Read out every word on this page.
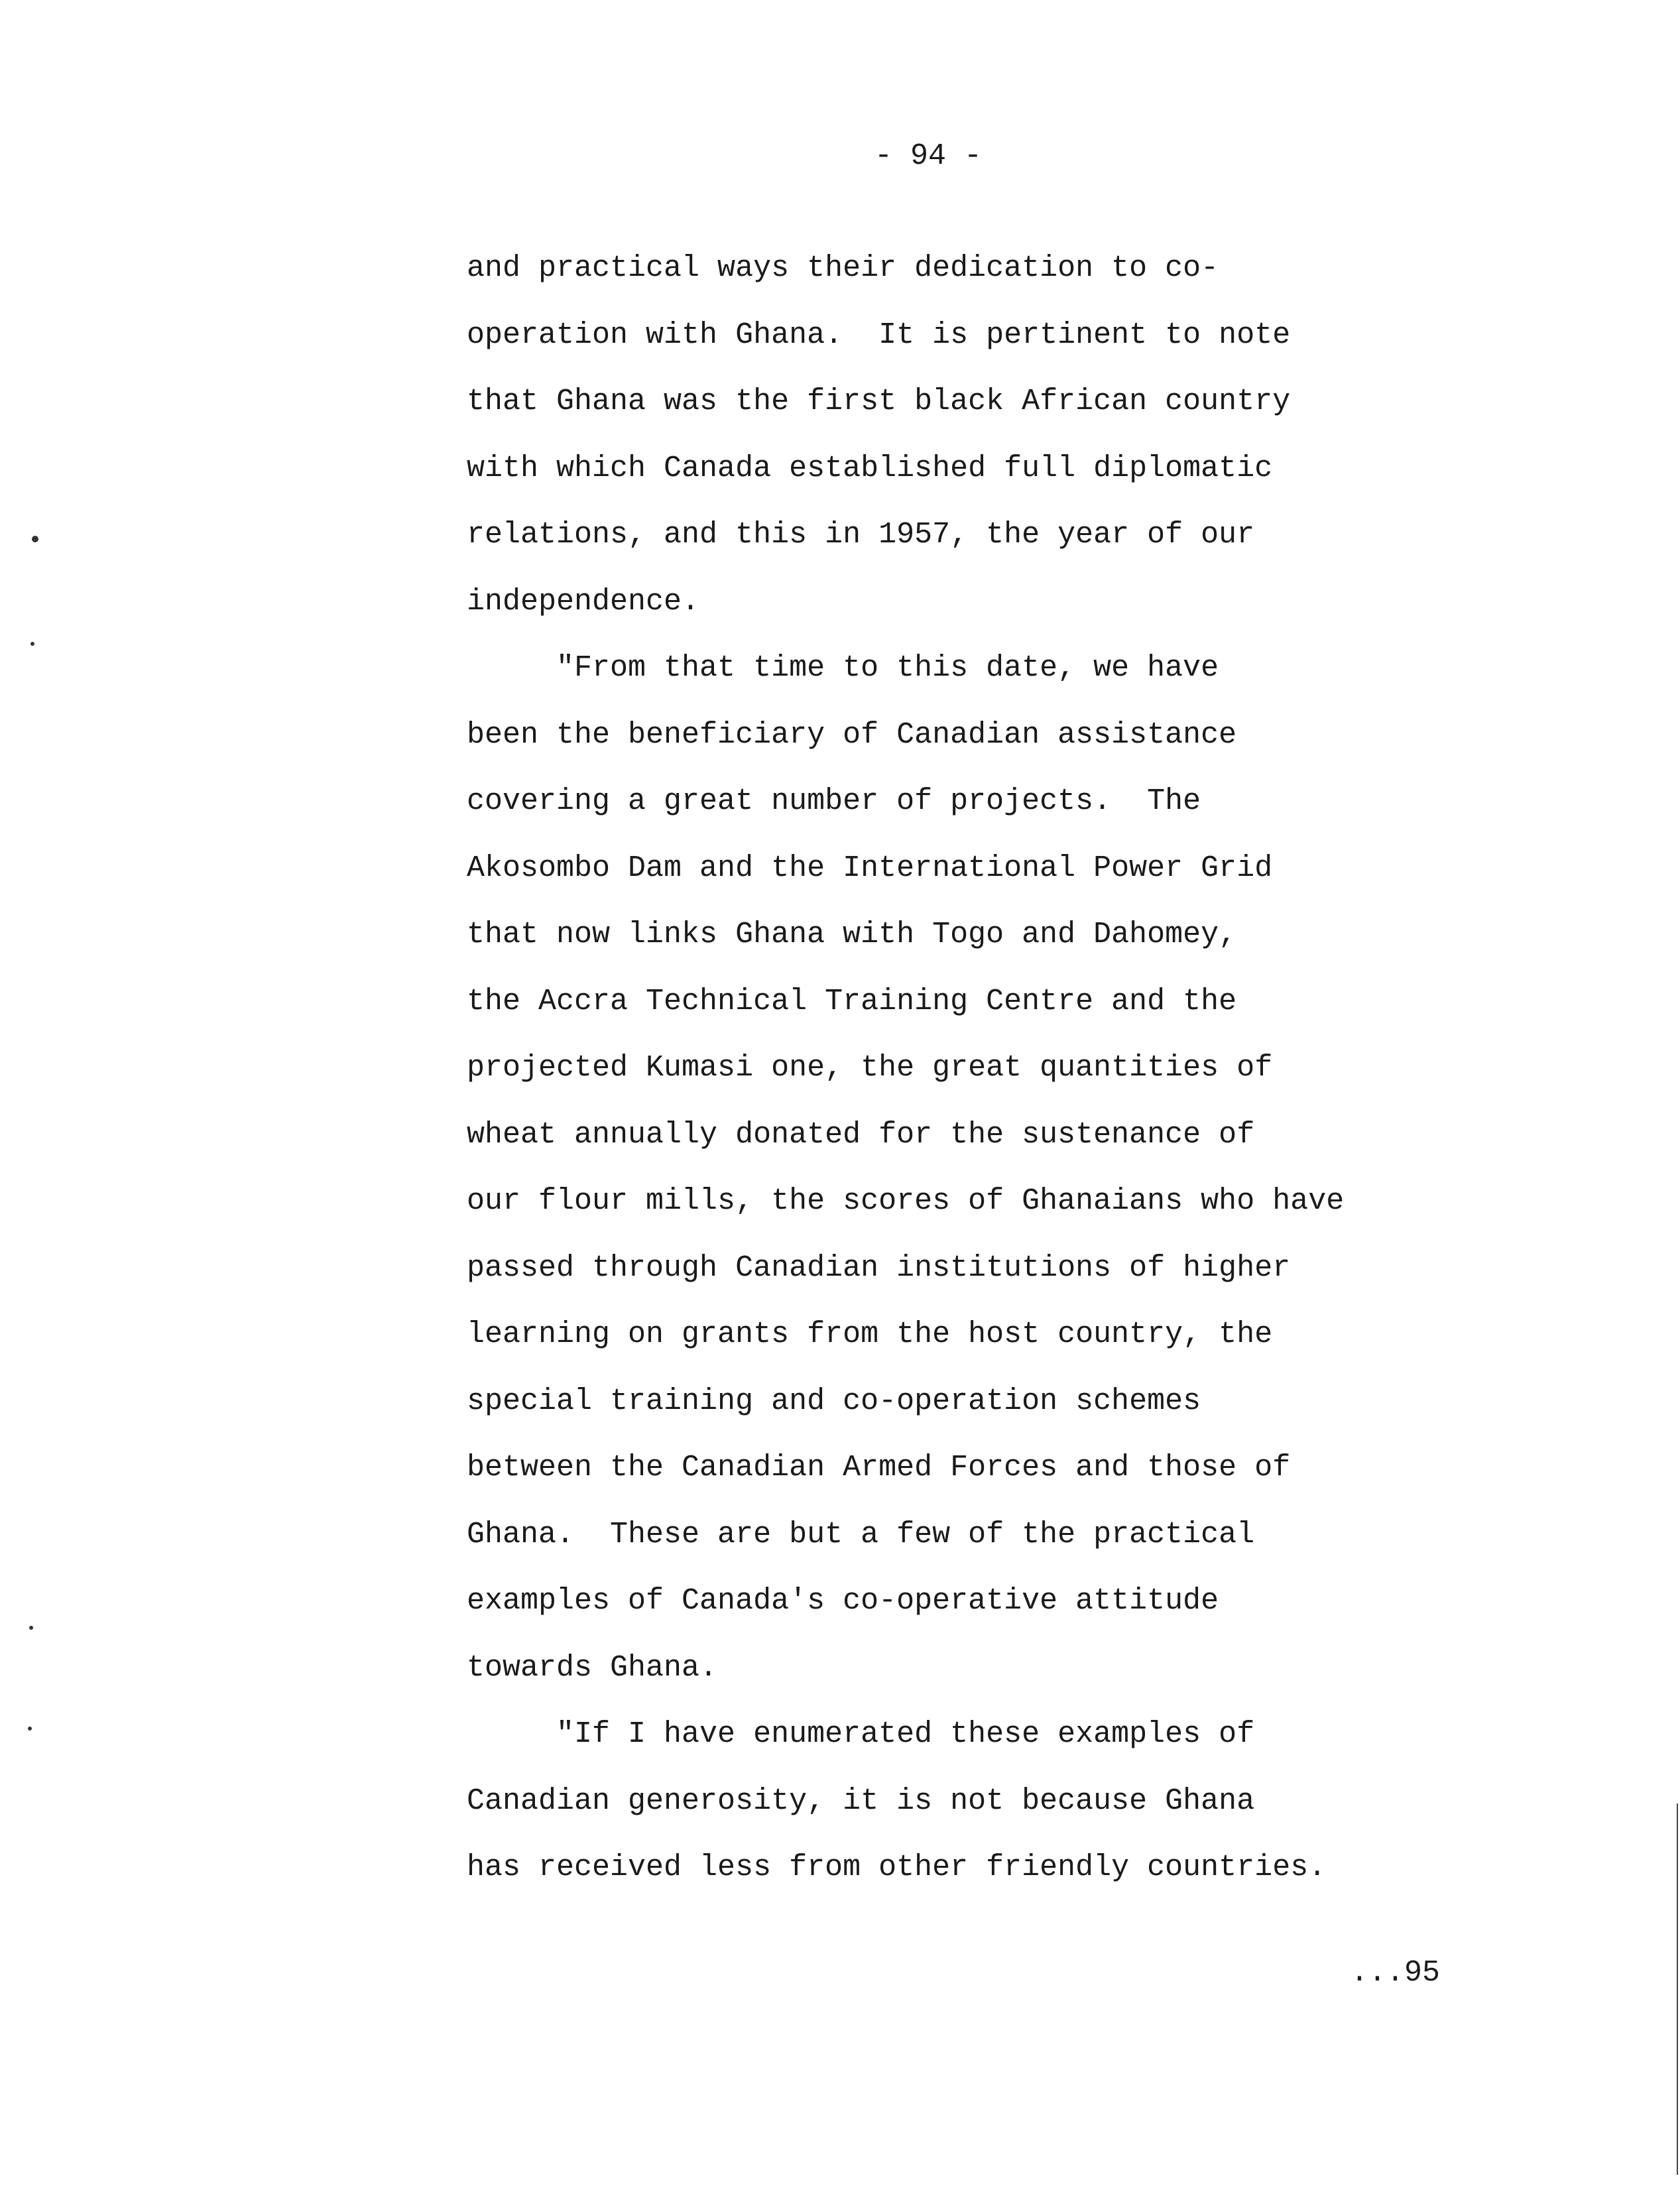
- 94 -
and practical ways their dedication to co-
operation with Ghana.  It is pertinent to note
that Ghana was the first black African country
with which Canada established full diplomatic
relations, and this in 1957, the year of our
independence.
"From that time to this date, we have
been the beneficiary of Canadian assistance
covering a great number of projects.  The
Akosombo Dam and the International Power Grid
that now links Ghana with Togo and Dahomey,
the Accra Technical Training Centre and the
projected Kumasi one, the great quantities of
wheat annually donated for the sustenance of
our flour mills, the scores of Ghanaians who have
passed through Canadian institutions of higher
learning on grants from the host country, the
special training and co-operation schemes
between the Canadian Armed Forces and those of
Ghana.  These are but a few of the practical
examples of Canada's co-operative attitude
towards Ghana.
"If I have enumerated these examples of
Canadian generosity, it is not because Ghana
has received less from other friendly countries.
...95
